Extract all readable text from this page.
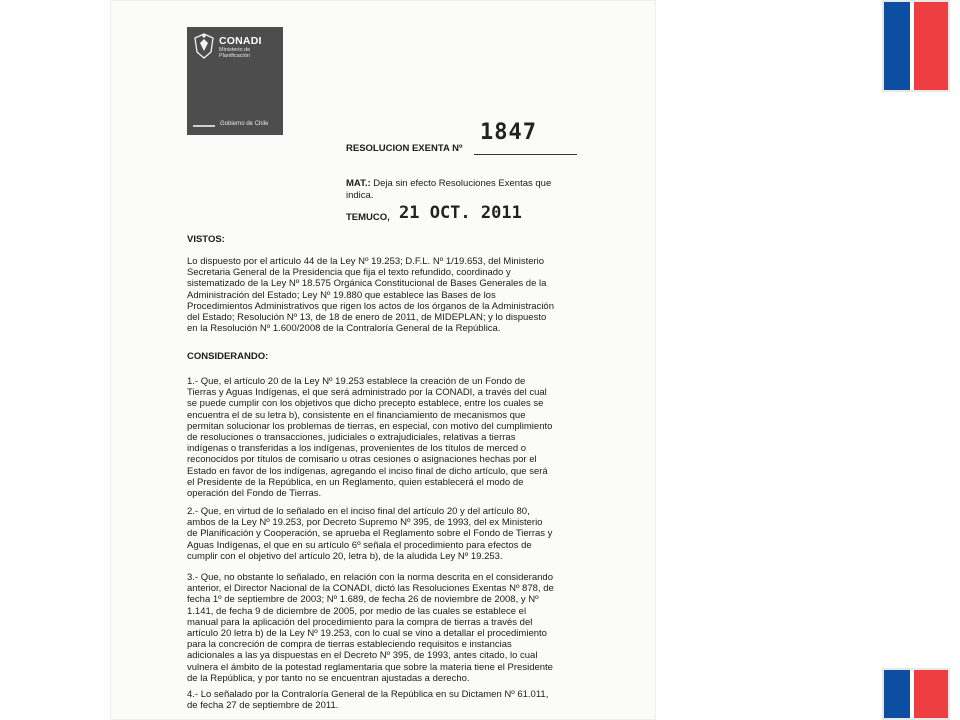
CONADI
Ministerio de
Planificación
Gobierno de Chile
RESOLUCION EXENTA Nº
1847
MAT.: Deja sin efecto Resoluciones Exentas que
indica.
TEMUCO, 21 OCT. 2011
VISTOS:
Lo dispuesto por el artículo 44 de la Ley Nº 19.253; D.F.L. Nº 1/19.653, del Ministerio
Secretaria General de la Presidencia que fija el texto refundido, coordinado y
sistematizado de la Ley Nº 18.575 Orgánica Constitucional de Bases Generales de la
Administración del Estado; Ley Nº 19.880 que establece las Bases de los
Procedimientos Administrativos que rigen los actos de los órganos de la Administración
del Estado; Resolución Nº 13, de 18 de enero de 2011, de MIDEPLAN; y lo dispuesto
en la Resolución Nº 1.600/2008 de la Contraloría General de la República.
CONSIDERANDO:
1.- Que, el artículo 20 de la Ley Nº 19.253 establece la creación de un Fondo de
Tierras y Aguas Indígenas, el que será administrado por la CONADI, a través del cual
se puede cumplir con los objetivos que dicho precepto establece, entre los cuales se
encuentra el de su letra b), consistente en el financiamiento de mecanismos que
permitan solucionar los problemas de tierras, en especial, con motivo del cumplimiento
de resoluciones o transacciones, judiciales o extrajudiciales, relativas a tierras
indígenas o transferidas a los indígenas, provenientes de los títulos de merced o
reconocidos por títulos de comisario u otras cesiones o asignaciones hechas por el
Estado en favor de los indígenas, agregando el inciso final de dicho artículo, que será
el Presidente de la República, en un Reglamento, quien establecerá el modo de
operación del Fondo de Tierras.
2.- Que, en virtud de lo señalado en el inciso final del artículo 20 y del artículo 80,
ambos de la Ley Nº 19.253, por Decreto Supremo Nº 395, de 1993, del ex Ministerio
de Planificación y Cooperación, se aprueba el Reglamento sobre el Fondo de Tierras y
Aguas Indígenas, el que en su artículo 6º señala el procedimiento para efectos de
cumplir con el objetivo del artículo 20, letra b), de la aludida Ley Nº 19.253.
3.- Que, no obstante lo señalado, en relación con la norma descrita en el considerando
anterior, el Director Nacional de la CONADI, dictó las Resoluciones Exentas Nº 878, de
fecha 1º de septiembre de 2003; Nº 1.689, de fecha 26 de noviembre de 2008, y Nº
1.141, de fecha 9 de diciembre de 2005, por medio de las cuales se establece el
manual para la aplicación del procedimiento para la compra de tierras a través del
artículo 20 letra b) de la Ley Nº 19.253, con lo cual se vino a detallar el procedimiento
para la concreción de compra de tierras estableciendo requisitos e instancias
adicionales a las ya dispuestas en el Decreto Nº 395, de 1993, antes citado, lo cual
vulnera el ámbito de la potestad reglamentaria que sobre la materia tiene el Presidente
de la República, y por tanto no se encuentran ajustadas a derecho.
4.- Lo señalado por la Contraloría General de la República en su Dictamen Nº 61.011,
de fecha 27 de septiembre de 2011.
